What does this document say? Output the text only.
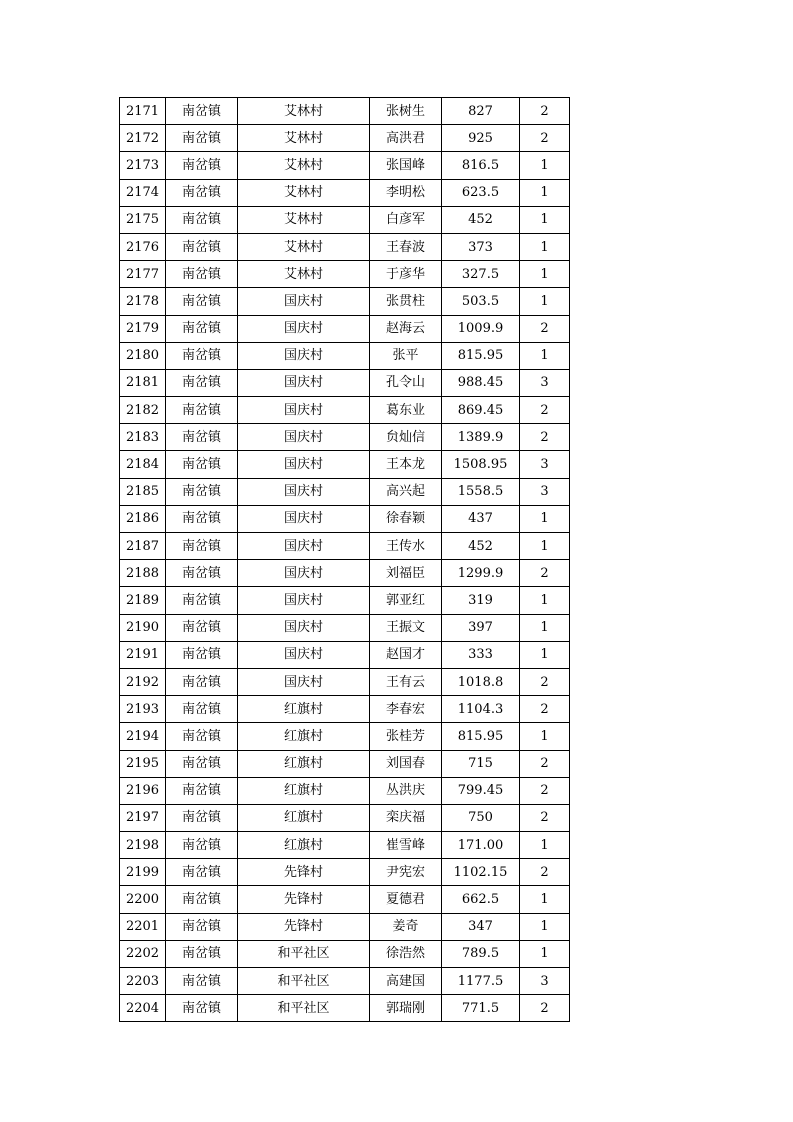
2171	南岔镇	艾林村	张树生	827	2
2172	南岔镇	艾林村	高洪君	925	2
2173	南岔镇	艾林村	张国峰	816.5	1
2174	南岔镇	艾林村	李明松	623.5	1
2175	南岔镇	艾林村	白彦军	452	1
2176	南岔镇	艾林村	王春波	373	1
2177	南岔镇	艾林村	于彦华	327.5	1
2178	南岔镇	国庆村	张贯柱	503.5	1
2179	南岔镇	国庆村	赵海云	1009.9	2
2180	南岔镇	国庆村	张平	815.95	1
2181	南岔镇	国庆村	孔令山	988.45	3
2182	南岔镇	国庆村	葛东业	869.45	2
2183	南岔镇	国庆村	贠灿信	1389.9	2
2184	南岔镇	国庆村	王本龙	1508.95	3
2185	南岔镇	国庆村	高兴起	1558.5	3
2186	南岔镇	国庆村	徐春颖	437	1
2187	南岔镇	国庆村	王传水	452	1
2188	南岔镇	国庆村	刘福臣	1299.9	2
2189	南岔镇	国庆村	郭亚红	319	1
2190	南岔镇	国庆村	王振文	397	1
2191	南岔镇	国庆村	赵国才	333	1
2192	南岔镇	国庆村	王有云	1018.8	2
2193	南岔镇	红旗村	李春宏	1104.3	2
2194	南岔镇	红旗村	张桂芳	815.95	1
2195	南岔镇	红旗村	刘国春	715	2
2196	南岔镇	红旗村	丛洪庆	799.45	2
2197	南岔镇	红旗村	栾庆福	750	2
2198	南岔镇	红旗村	崔雪峰	171.00	1
2199	南岔镇	先锋村	尹宪宏	1102.15	2
2200	南岔镇	先锋村	夏德君	662.5	1
2201	南岔镇	先锋村	姜奇	347	1
2202	南岔镇	和平社区	徐浩然	789.5	1
2203	南岔镇	和平社区	高建国	1177.5	3
2204	南岔镇	和平社区	郭瑞刚	771.5	2
